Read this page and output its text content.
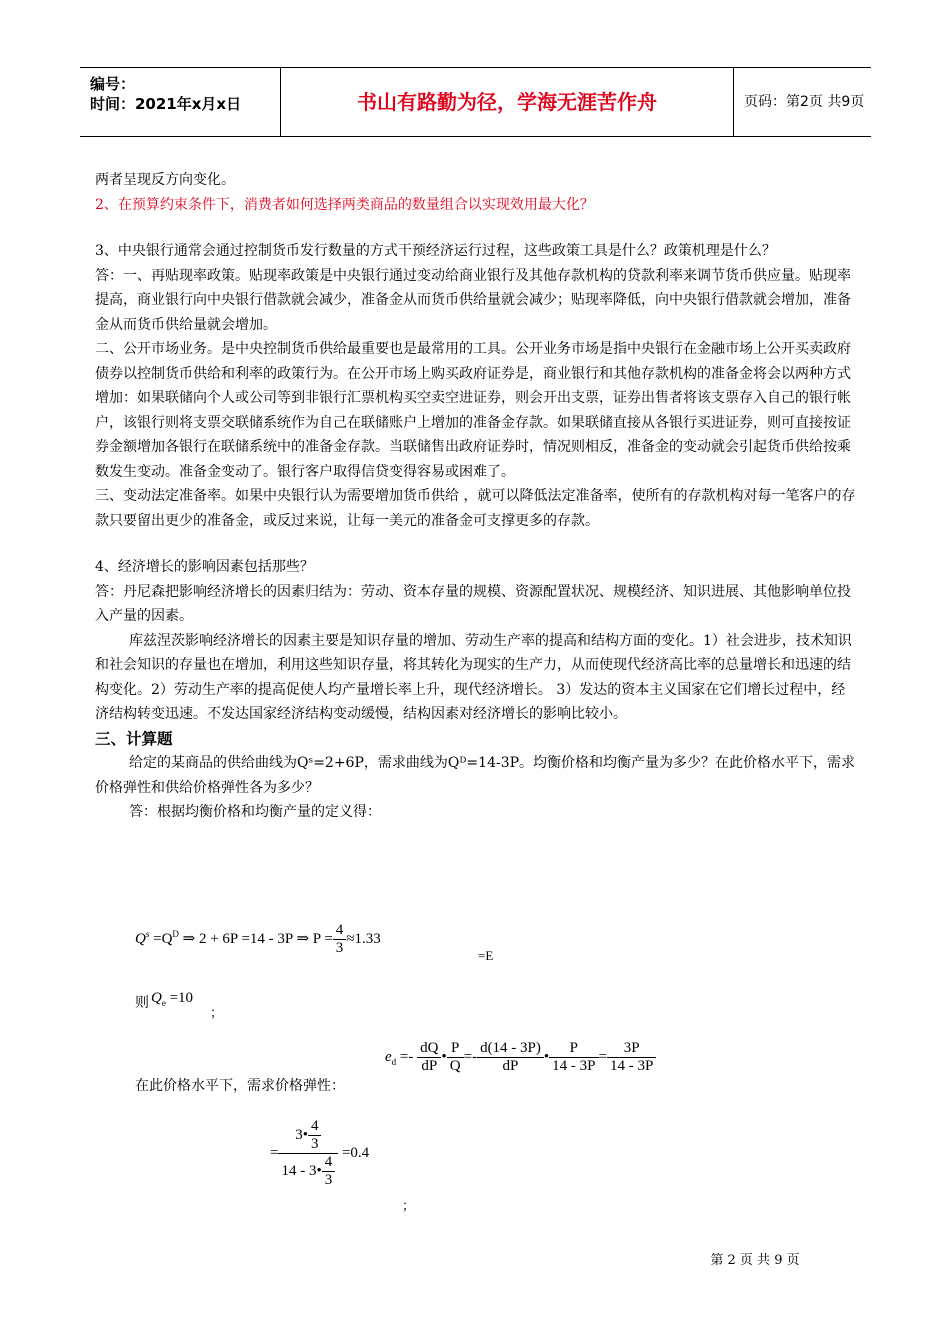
编号：
时间：2021年x月x日	书山有路勤为径，学海无涯苦作舟	页码：第2页 共9页

两者呈现反方向变化。

2、在预算约束条件下，消费者如何选择两类商品的数量组合以实现效用最大化？

3、中央银行通常会通过控制货币发行数量的方式干预经济运行过程，这些政策工具是什么？政策机理是什么？

答：一、再贴现率政策。贴现率政策是中央银行通过变动给商业银行及其他存款机构的贷款利率来调节货币供应量。贴现率提高，商业银行向中央银行借款就会减少，准备金从而货币供给量就会减少；贴现率降低，向中央银行借款就会增加，准备金从而货币供给量就会增加。

二、公开市场业务。是中央控制货币供给最重要也是最常用的工具。公开业务市场是指中央银行在金融市场上公开买卖政府债券以控制货币供给和利率的政策行为。在公开市场上购买政府证券是，商业银行和其他存款机构的准备金将会以两种方式增加：如果联储向个人或公司等到非银行汇票机构买空卖空进证券，则会开出支票，证券出售者将该支票存入自己的银行帐户，该银行则将支票交联储系统作为自己在联储账户上增加的准备金存款。如果联储直接从各银行买进证券，则可直接按证券金额增加各银行在联储系统中的准备金存款。当联储售出政府证券时，情况则相反，准备金的变动就会引起货币供给按乘数发生变动。准备金变动了。银行客户取得信贷变得容易或困难了。

三、变动法定准备率。如果中央银行认为需要增加货币供给 ，就可以降低法定准备率，使所有的存款机构对每一笔客户的存款只要留出更少的准备金，或反过来说，让每一美元的准备金可支撑更多的存款。

4、经济增长的影响因素包括那些？

答：丹尼森把影响经济增长的因素归结为：劳动、资本存量的规模、资源配置状况、规模经济、知识进展、其他影响单位投入产量的因素。

库兹涅茨影响经济增长的因素主要是知识存量的增加、劳动生产率的提高和结构方面的变化。1）社会进步，技术知识和社会知识的存量也在增加，利用这些知识存量，将其转化为现实的生产力，从而使现代经济高比率的总量增长和迅速的结构变化。2）劳动生产率的提高促使人均产量增长率上升，现代经济增长。 3）发达的资本主义国家在它们增长过程中，经济结构转变迅速。不发达国家经济结构变动缓慢，结构因素对经济增长的影响比较小。

三、计算题

给定的某商品的供给曲线为Qˢ=2+6P，需求曲线为Qᴰ=14-3P。均衡价格和均衡产量为多少？在此价格水平下，需求价格弹性和供给价格弹性各为多少？

答：根据均衡价格和均衡产量的定义得：

$Q^s =Q^D$ ⇒ 2 + 6P =14 - 3P ⇒ $P = \frac{4}{3} \approx 1.33$
=E
则 $Q_e =10$
；
$e_d =- \frac{dQ}{dP}$ • $\frac{P}{Q} =- \frac{d(14 - 3P)}{dP}$ • $\frac{P}{14 - 3P} = \frac{3P}{14 - 3P}$
在此价格水平下，需求价格弹性：
= $\frac{3• \frac{4}{3}}{14 - 3• \frac{4}{3}} =0.4$
；
第 2 页 共 9 页
